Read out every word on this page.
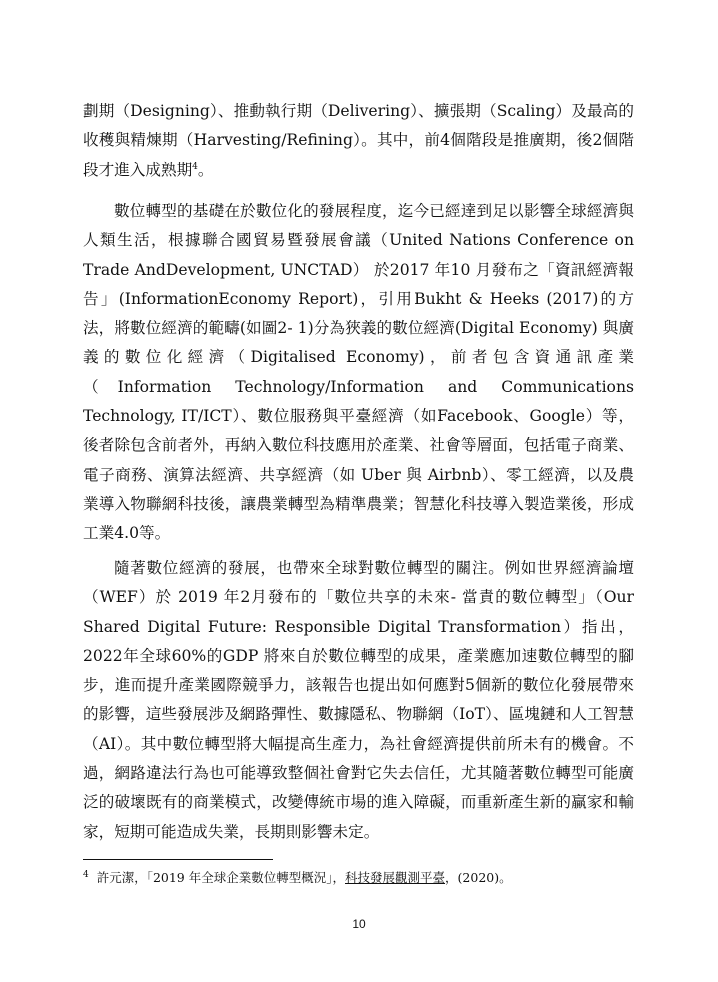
劃期（Designing）、推動執行期（Delivering）、擴張期（Scaling）及最高的收穫與精煉期（Harvesting/Refining）。其中，前4個階段是推廣期，後2個階段才進入成熟期$^4$。

數位轉型的基礎在於數位化的發展程度，迄今已經達到足以影響全球經濟與人類生活，根據聯合國貿易暨發展會議（United Nations Conference on Trade AndDevelopment, UNCTAD） 於2017 年10 月發布之「資訊經濟報告」(InformationEconomy Report)，引用Bukht & Heeks (2017)的方法，將數位經濟的範疇(如圖2- 1)分為狹義的數位經濟(Digital Economy) 與廣義的數位化經濟（Digitalised Economy)，前者包含資通訊產業（Information Technology/Information and Communications Technology, IT/ICT）、數位服務與平臺經濟（如Facebook、Google）等，後者除包含前者外，再納入數位科技應用於產業、社會等層面，包括電子商業、電子商務、演算法經濟、共享經濟（如 Uber 與 Airbnb）、零工經濟，以及農業導入物聯網科技後，讓農業轉型為精準農業；智慧化科技導入製造業後，形成工業4.0等。

隨著數位經濟的發展，也帶來全球對數位轉型的關注。例如世界經濟論壇（WEF）於 2019 年2月發布的「數位共享的未來- 當責的數位轉型」（Our Shared Digital Future: Responsible Digital Transformation）指出，2022年全球60%的GDP 將來自於數位轉型的成果，產業應加速數位轉型的腳步，進而提升產業國際競爭力，該報告也提出如何應對5個新的數位化發展帶來的影響，這些發展涉及網路彈性、數據隱私、物聯網（IoT）、區塊鏈和人工智慧（AI）。其中數位轉型將大幅提高生產力，為社會經濟提供前所未有的機會。不過，網路違法行為也可能導致整個社會對它失去信任，尤其隨著數位轉型可能廣泛的破壞既有的商業模式，改變傳統市場的進入障礙，而重新產生新的贏家和輸家，短期可能造成失業，長期則影響未定。

$^4$ 許元潔，「2019 年全球企業數位轉型概況」，科技發展觀測平臺，(2020)。

10
